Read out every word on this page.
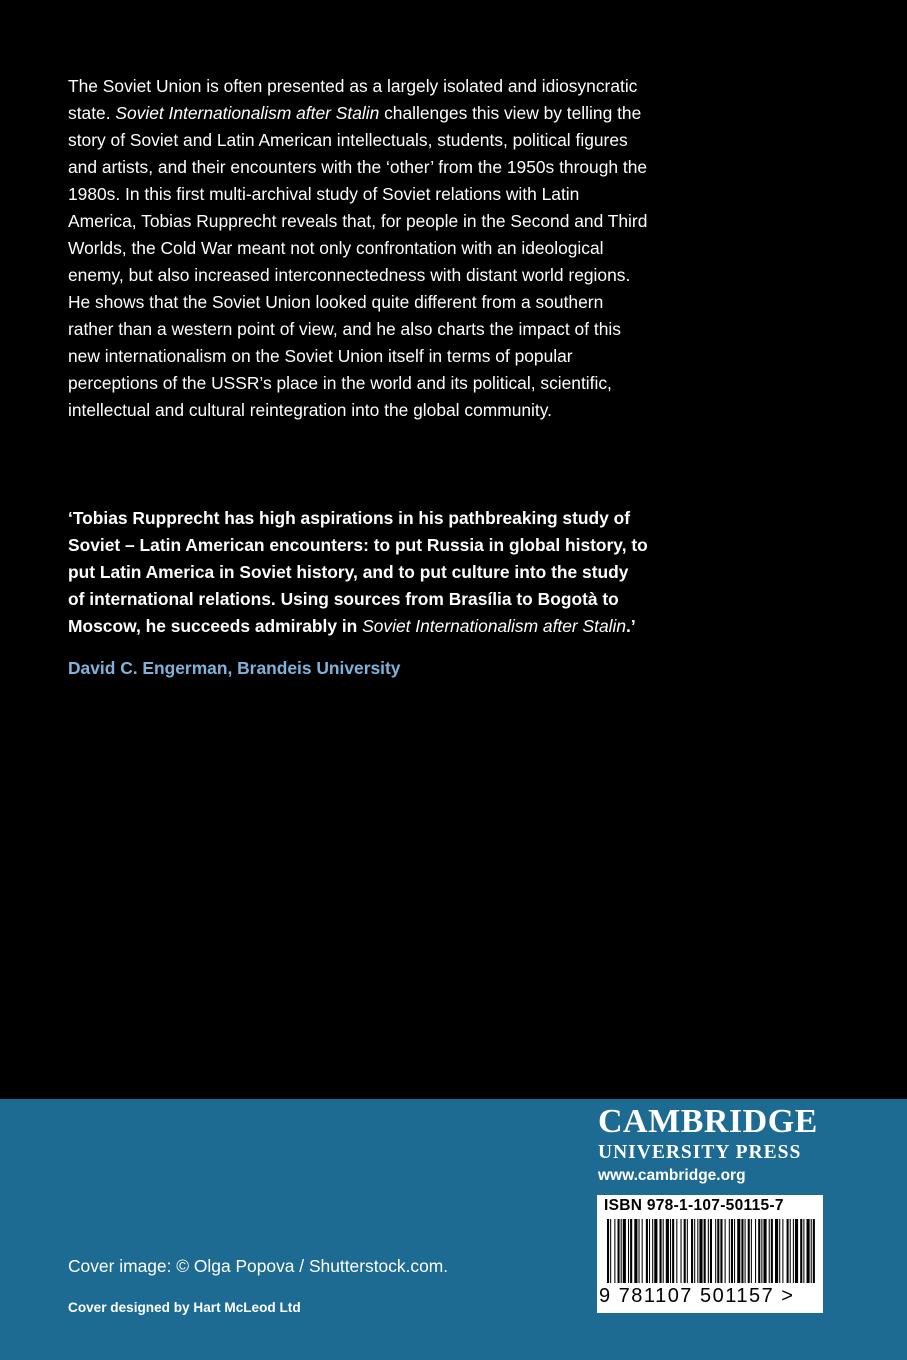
The Soviet Union is often presented as a largely isolated and idiosyncratic state. Soviet Internationalism after Stalin challenges this view by telling the story of Soviet and Latin American intellectuals, students, political figures and artists, and their encounters with the ‘other’ from the 1950s through the 1980s. In this first multi-archival study of Soviet relations with Latin America, Tobias Rupprecht reveals that, for people in the Second and Third Worlds, the Cold War meant not only confrontation with an ideological enemy, but also increased interconnectedness with distant world regions. He shows that the Soviet Union looked quite different from a southern rather than a western point of view, and he also charts the impact of this new internationalism on the Soviet Union itself in terms of popular perceptions of the USSR’s place in the world and its political, scientific, intellectual and cultural reintegration into the global community.

‘Tobias Rupprecht has high aspirations in his pathbreaking study of Soviet – Latin American encounters: to put Russia in global history, to put Latin America in Soviet history, and to put culture into the study of international relations. Using sources from Brasília to Bogotà to Moscow, he succeeds admirably in Soviet Internationalism after Stalin.’

David C. Engerman, Brandeis University
CAMBRIDGE
UNIVERSITY PRESS
www.cambridge.org
ISBN 978-1-107-50115-7
9 781107 501157 >
Cover image: © Olga Popova / Shutterstock.com.
Cover designed by Hart McLeod Ltd
